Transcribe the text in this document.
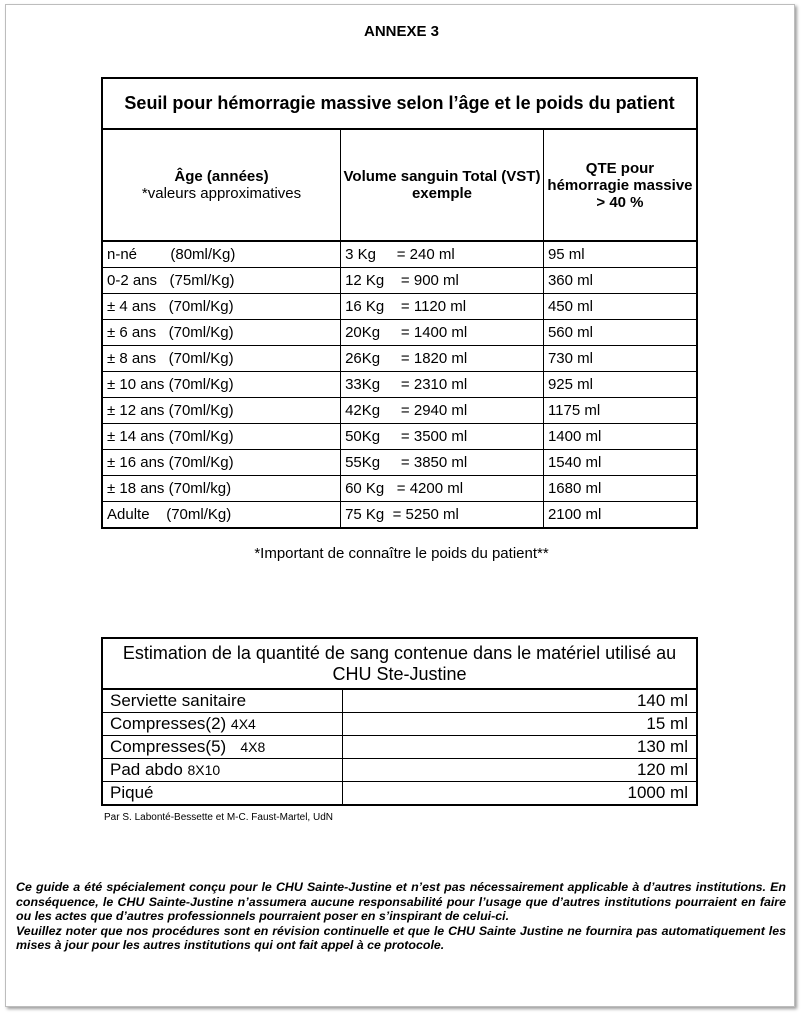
ANNEXE 3
Seuil pour hémorragie massive selon l’âge et le poids du patient		
Âge (années)
*valeurs approximatives	Volume sanguin Total (VST) exemple	QTE pour hémorragie massive > 40 %
n-né        (80ml/Kg)	3 Kg     = 240 ml	95 ml
0-2 ans   (75ml/Kg)	12 Kg    = 900 ml	360 ml
± 4 ans   (70ml/Kg)	16 Kg    = 1120 ml	450 ml
± 6 ans   (70ml/Kg)	20Kg     = 1400 ml	560 ml
± 8 ans   (70ml/Kg)	26Kg     = 1820 ml	730 ml
± 10 ans (70ml/Kg)	33Kg     = 2310 ml	925 ml
± 12 ans (70ml/Kg)	42Kg     = 2940 ml	1175 ml
± 14 ans (70ml/Kg)	50Kg     = 3500 ml	1400 ml
± 16 ans (70ml/Kg)	55Kg     = 3850 ml	1540 ml
± 18 ans (70ml/kg)	60 Kg   = 4200 ml	1680 ml
Adulte    (70ml/Kg)	75 Kg  = 5250 ml	2100 ml
*Important de connaître le poids du patient**
Estimation de la quantité de sang contenue dans le matériel utilisé au CHU Ste-Justine	
Serviette sanitaire	140 ml
Compresses(2) 4X4	15 ml
Compresses(5)   4X8	130 ml
Pad abdo 8X10	120 ml
Piqué	1000 ml
Par S. Labonté-Bessette et M-C. Faust-Martel, UdN

Ce guide a été spécialement conçu pour le CHU Sainte-Justine et n’est pas nécessairement applicable à d’autres institutions. En conséquence, le CHU Sainte-Justine n’assumera aucune responsabilité pour l’usage que d’autres institutions pourraient en faire ou les actes que d’autres professionnels pourraient poser en s’inspirant de celui-ci.

Veuillez noter que nos procédures sont en révision continuelle et que le CHU Sainte Justine ne fournira pas automatiquement les mises à jour pour les autres institutions qui ont fait appel à ce protocole.
